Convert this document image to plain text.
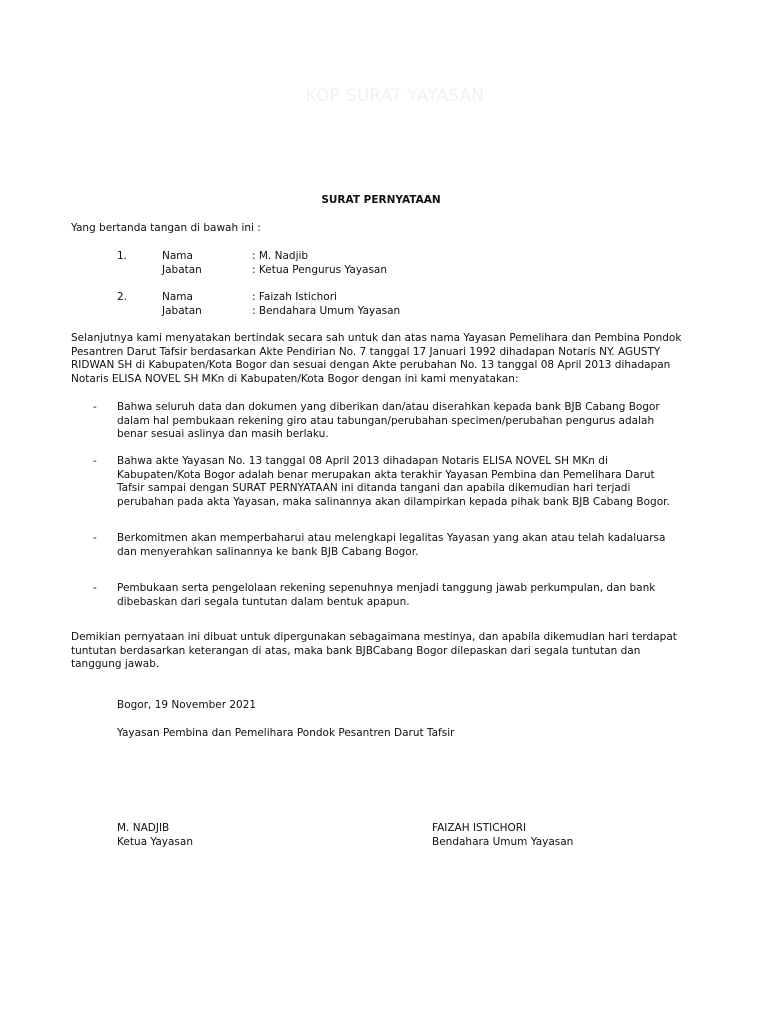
KOP SURAT YAYASAN
SURAT PERNYATAAN
Yang bertanda tangan di bawah ini :
1.	Nama	: M. Nadjib
Jabatan	: Ketua Pengurus Yayasan
2.	Nama	: Faizah Istichori
Jabatan	: Bendahara Umum Yayasan
Selanjutnya kami menyatakan bertindak secara sah untuk dan atas nama Yayasan Pemelihara dan Pembina Pondok
Pesantren Darut Tafsir berdasarkan Akte Pendirian No. 7 tanggal 17 Januari 1992 dihadapan Notaris NY. AGUSTY
RIDWAN SH di Kabupaten/Kota Bogor dan sesuai dengan Akte perubahan No. 13 tanggal 08 April 2013 dihadapan
Notaris ELISA NOVEL SH MKn di Kabupaten/Kota Bogor dengan ini kami menyatakan:
- Bahwa seluruh data dan dokumen yang diberikan dan/atau diserahkan kepada bank BJB Cabang Bogor
dalam hal pembukaan rekening giro atau tabungan/perubahan specimen/perubahan pengurus adalah
benar sesuai aslinya dan masih berlaku.
- Bahwa akte Yayasan No. 13 tanggal 08 April 2013 dihadapan Notaris ELISA NOVEL SH MKn di
Kabupaten/Kota Bogor adalah benar merupakan akta terakhir Yayasan Pembina dan Pemelihara Darut
Tafsir sampai dengan SURAT PERNYATAAN ini ditanda tangani dan apabila dikemudian hari terjadi
perubahan pada akta Yayasan, maka salinannya akan dilampirkan kepada pihak bank BJB Cabang Bogor.
- Berkomitmen akan memperbaharui atau melengkapi legalitas Yayasan yang akan atau telah kadaluarsa
dan menyerahkan salinannya ke bank BJB Cabang Bogor.
- Pembukaan serta pengelolaan rekening sepenuhnya menjadi tanggung jawab perkumpulan, dan bank
dibebaskan dari segala tuntutan dalam bentuk apapun.
Demikian pernyataan ini dibuat untuk dipergunakan sebagaimana mestinya, dan apabila dikemudian hari terdapat
tuntutan berdasarkan keterangan di atas, maka bank BJBCabang Bogor dilepaskan dari segala tuntutan dan
tanggung jawab.
Bogor, 19 November 2021
Yayasan Pembina dan Pemelihara Pondok Pesantren Darut Tafsir
M. NADJIB
Ketua Yayasan
FAIZAH ISTICHORI
Bendahara Umum Yayasan
